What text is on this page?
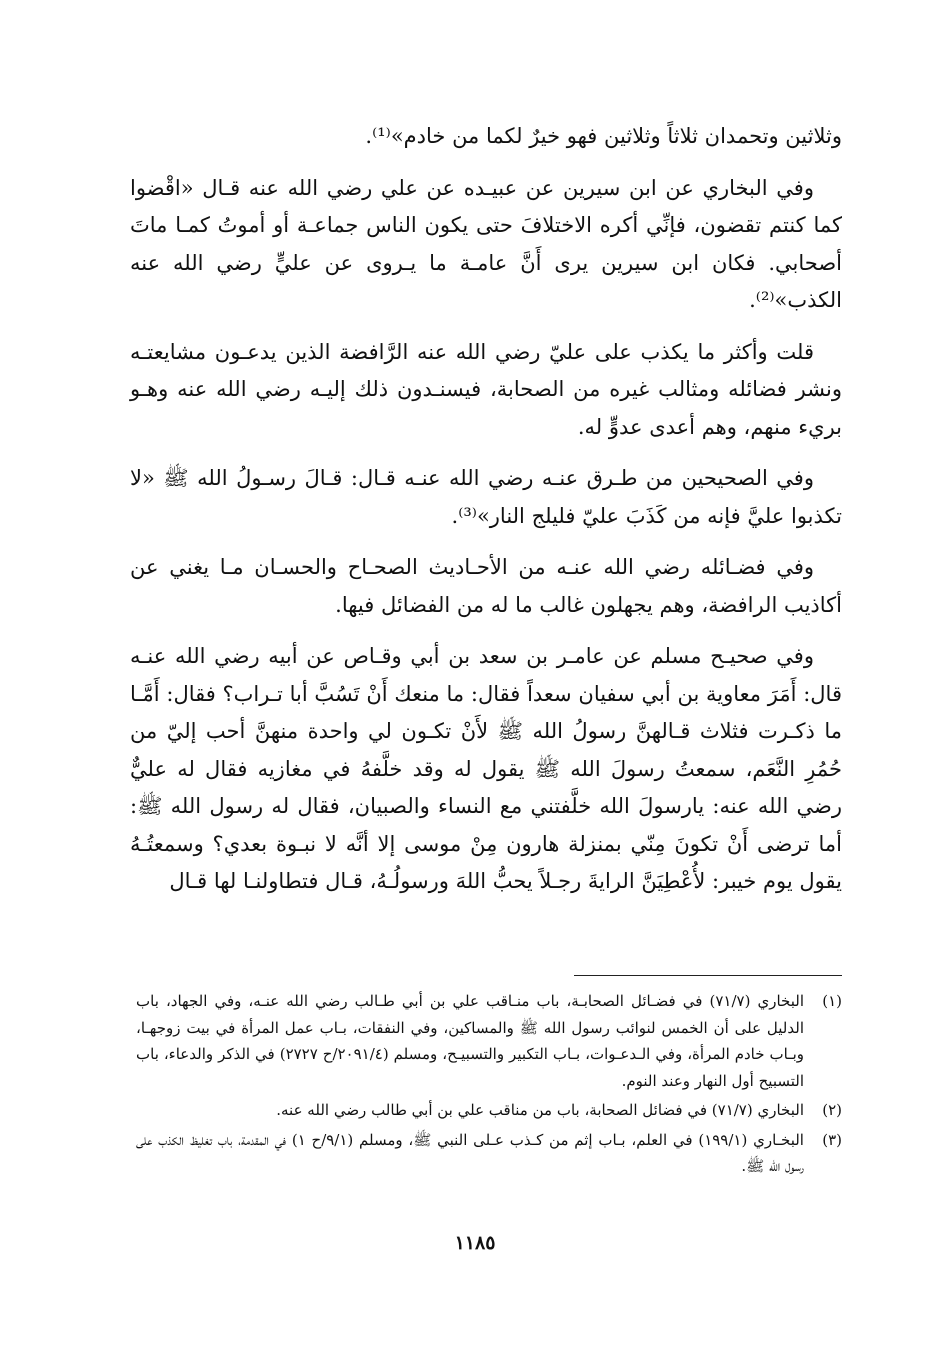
وثلاثين وتحمدان ثلاثاً وثلاثين فهو خيرٌ لكما من خادم»⁽¹⁾.

وفي البخاري عن ابن سيرين عن عبيـده عن علي رضي الله عنه قـال «اقْضوا كما كنتم تقضون، فإنِّي أكره الاختلافَ حتى يكون الناس جماعـة أو أموتُ كمـا ماتَ أصحابي. فكان ابن سيرين يرى أَنَّ عامـة ما يـروى عن عليٍّ رضي الله عنه الكذب»⁽²⁾.

قلت وأكثر ما يكذب على عليّ رضي الله عنه الرَّافضة الذين يدعـون مشايعتـه ونشر فضائله ومثالب غيره من الصحابة، فيسنـدون ذلك إليـه رضي الله عنه وهـو بريء منهم، وهم أعدى عدوٍّ له.

وفي الصحيحين من طـرق عنـه رضي الله عنـه قـال: قـالَ رسـولُ الله ﷺ «لا تكذبوا عليَّ فإنه من كَذَبَ عليّ فليلج النار»⁽³⁾.

وفي فضـائله رضي الله عنـه من الأحـاديث الصحـاح والحسـان مـا يغني عن أكاذيب الرافضة، وهم يجهلون غالب ما له من الفضائل فيها.

وفي صحيـح مسلم عن عامـر بن سعد بن أبي وقـاص عن أبيه رضي الله عنـه قال: أَمَرَ معاوية بن أبي سفيان سعداً فقال: ما منعك أَنْ تَسُبَّ أبا تـراب؟ فقال: أَمَّـا ما ذكـرت فثلاث قـالهنَّ رسولُ الله ﷺ لأَنْ تكـون لي واحدة منهنَّ أحب إليّ من حُمُرِ النَّعَم، سمعتُ رسولَ الله ﷺ يقول له وقد خلَّفهُ في مغازيه فقال له عليٌّ رضي الله عنه: يارسولَ الله خلَّفتني مع النساء والصبيان، فقال له رسول الله ﷺ: أما ترضى أَنْ تكونَ مِنّي بمنزلة هارون مِنْ موسى إلا أنَّه لا نبـوة بعدي؟ وسمعتُـهُ يقول يوم خيبر: لأُعْطِيَنَّ الرايةَ رجـلاً يحبُّ اللهَ ورسولُـهُ، قـال فتطاولنـا لها قـال

(١)
البخاري (٧١/٧) في فضـائل الصحابـة، باب منـاقب علي بن أبي طـالب رضي الله عنـه، وفي الجهاد، باب الدليل على أن الخمس لنوائب رسول الله ﷺ والمساكين، وفي النفقات، بـاب عمل المرأة في بيت زوجهـا، وبـاب خادم المرأة، وفي الـدعـوات، بـاب التكبير والتسبيـح، ومسلم (٢٠٩١/٤/ح ٢٧٢٧) في الذكر والدعاء، باب التسبيح أول النهار وعند النوم.
(٢)
البخاري (٧١/٧) في فضائل الصحابة، باب من مناقب علي بن أبي طالب رضي الله عنه.
(٣)
البخـاري (١٩٩/١) في العلم، بـاب إثم من كـذب عـلى النبي ﷺ، ومسلم (٩/١/ح ١) في المقدمة، باب تغليظ الكذب على رسول الله ﷺ.
١١٨٥
